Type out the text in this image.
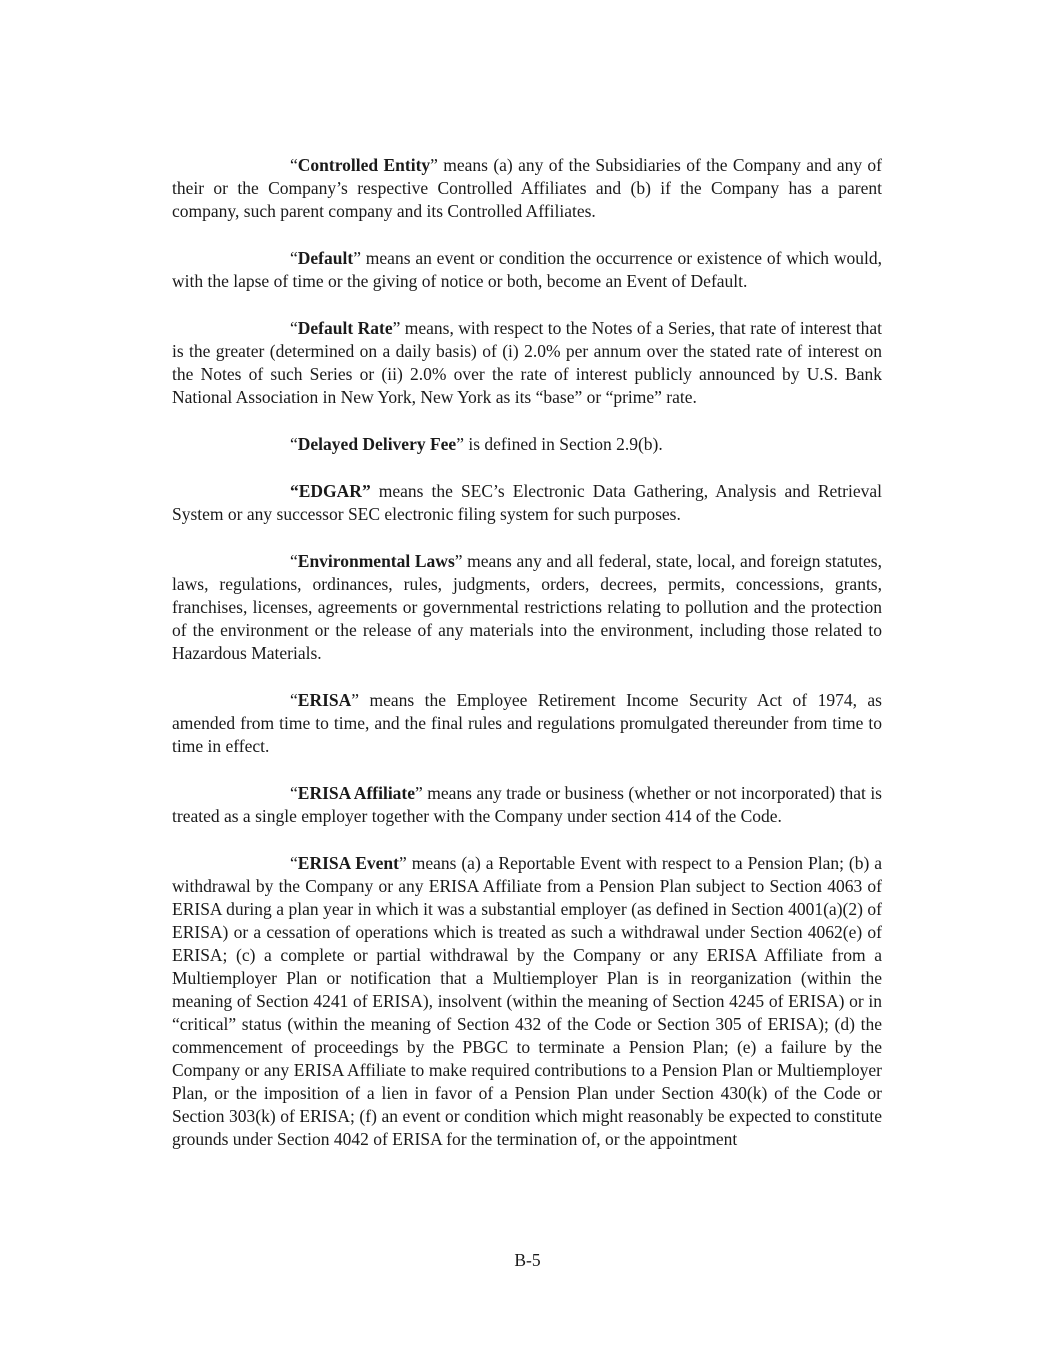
“Controlled Entity” means (a) any of the Subsidiaries of the Company and any of their or the Company’s respective Controlled Affiliates and (b) if the Company has a parent company, such parent company and its Controlled Affiliates.

“Default” means an event or condition the occurrence or existence of which would, with the lapse of time or the giving of notice or both, become an Event of Default.

“Default Rate” means, with respect to the Notes of a Series, that rate of interest that is the greater (determined on a daily basis) of (i) 2.0% per annum over the stated rate of interest on the Notes of such Series or (ii) 2.0% over the rate of interest publicly announced by U.S. Bank National Association in New York, New York as its “base” or “prime” rate.

“Delayed Delivery Fee” is defined in Section 2.9(b).

“EDGAR” means the SEC’s Electronic Data Gathering, Analysis and Retrieval System or any successor SEC electronic filing system for such purposes.

“Environmental Laws” means any and all federal, state, local, and foreign statutes, laws, regulations, ordinances, rules, judgments, orders, decrees, permits, concessions, grants, franchises, licenses, agreements or governmental restrictions relating to pollution and the protection of the environment or the release of any materials into the environment, including those related to Hazardous Materials.

“ERISA” means the Employee Retirement Income Security Act of 1974, as amended from time to time, and the final rules and regulations promulgated thereunder from time to time in effect.

“ERISA Affiliate” means any trade or business (whether or not incorporated) that is treated as a single employer together with the Company under section 414 of the Code.

“ERISA Event” means (a) a Reportable Event with respect to a Pension Plan; (b) a withdrawal by the Company or any ERISA Affiliate from a Pension Plan subject to Section 4063 of ERISA during a plan year in which it was a substantial employer (as defined in Section 4001(a)(2) of ERISA) or a cessation of operations which is treated as such a withdrawal under Section 4062(e) of ERISA; (c) a complete or partial withdrawal by the Company or any ERISA Affiliate from a Multiemployer Plan or notification that a Multiemployer Plan is in reorganization (within the meaning of Section 4241 of ERISA), insolvent (within the meaning of Section 4245 of ERISA) or in “critical” status (within the meaning of Section 432 of the Code or Section 305 of ERISA); (d) the commencement of proceedings by the PBGC to terminate a Pension Plan; (e) a failure by the Company or any ERISA Affiliate to make required contributions to a Pension Plan or Multiemployer Plan, or the imposition of a lien in favor of a Pension Plan under Section 430(k) of the Code or Section 303(k) of ERISA; (f) an event or condition which might reasonably be expected to constitute grounds under Section 4042 of ERISA for the termination of, or the appointment

B-5
